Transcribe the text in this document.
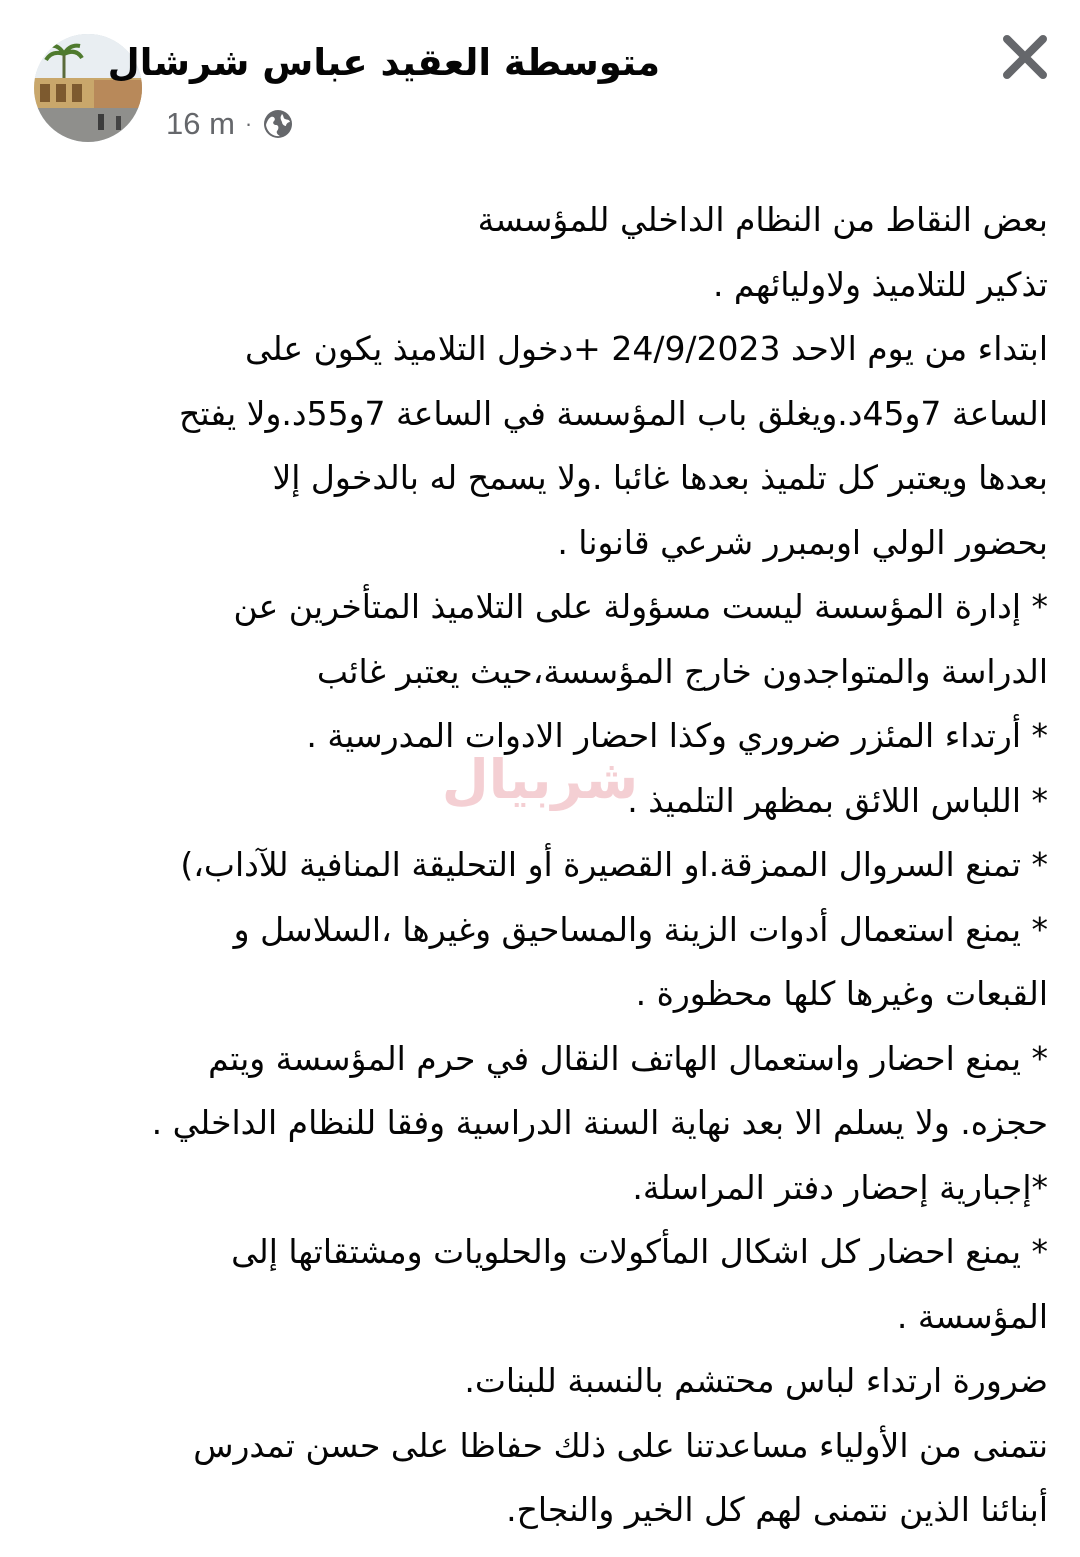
متوسطة العقيد عباس شرشال
16 m ·
بعض النقاط من النظام الداخلي للمؤسسة
تذكير للتلاميذ ولاوليائهم .
ابتداء من يوم الاحد 24/9/2023 +دخول التلاميذ يكون على
الساعة 7و45د.ويغلق باب المؤسسة في الساعة 7و55د.ولا يفتح
بعدها ويعتبر كل تلميذ بعدها غائبا .ولا يسمح له بالدخول إلا
بحضور الولي اوبمبرر شرعي قانونا .
* إدارة المؤسسة ليست مسؤولة على التلاميذ المتأخرين عن
الدراسة والمتواجدون خارج المؤسسة،حيث يعتبر غائب
* أرتداء المئزر ضروري وكذا احضار الادوات المدرسية .
* اللباس اللائق بمظهر التلميذ .
* تمنع السروال الممزقة.او القصيرة أو التحليقة المنافية للآداب،)
* يمنع استعمال أدوات الزينة والمساحيق وغيرها ،السلاسل و
القبعات وغيرها كلها محظورة .
* يمنع احضار واستعمال الهاتف النقال في حرم المؤسسة ويتم
حجزه. ولا يسلم الا بعد نهاية السنة الدراسية وفقا للنظام الداخلي .
*إجبارية إحضار دفتر المراسلة.
* يمنع احضار كل اشكال المأكولات والحلويات ومشتقاتها إلى
المؤسسة .
ضرورة ارتداء لباس محتشم بالنسبة للبنات.
نتمنى من الأولياء مساعدتنا على ذلك حفاظا على حسن تمدرس
أبنائنا الذين نتمنى لهم كل الخير والنجاح.
شربيال
